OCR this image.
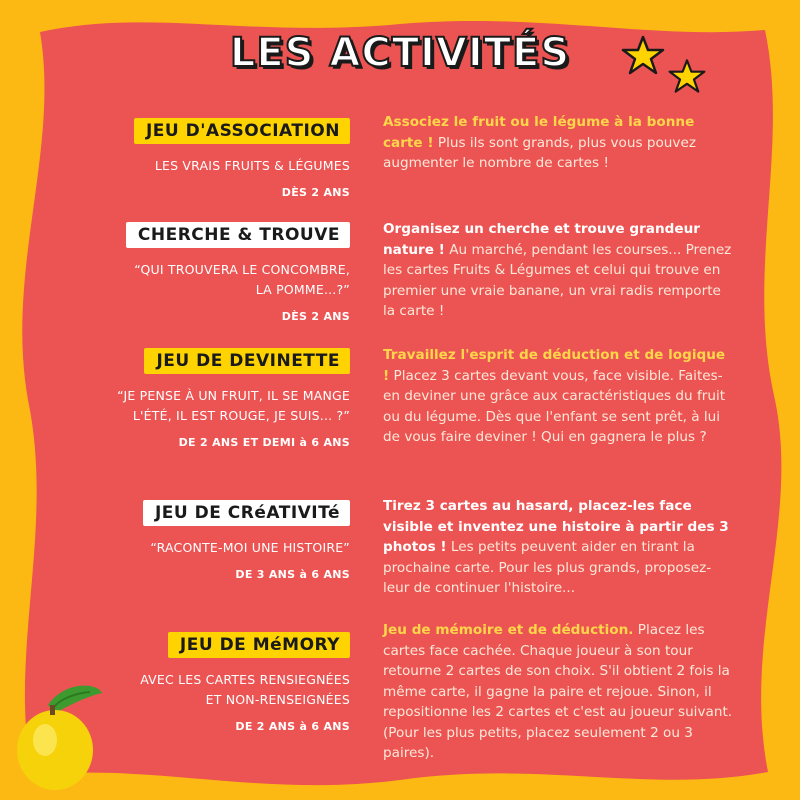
LES ACTIVITÉS
JEU D'ASSOCIATION
LES VRAIS FRUITS & LÉGUMES
DÈS 2 ANS
Associez le fruit ou le légume à la bonne carte ! Plus ils sont grands, plus vous pouvez augmenter le nombre de cartes !
CHERCHE & TROUVE
“QUI TROUVERA LE CONCOMBRE,
LA POMME...?”
DÈS 2 ANS
Organisez un cherche et trouve grandeur nature ! Au marché, pendant les courses... Prenez les cartes Fruits & Légumes et celui qui trouve en premier une vraie banane, un vrai radis remporte la carte !
JEU DE DEVINETTE
“JE PENSE À UN FRUIT, IL SE MANGE
L'ÉTÉ, IL EST ROUGE, JE SUIS... ?”
DE 2 ANS ET DEMI à 6 ANS
Travaillez l'esprit de déduction et de logique ! Placez 3 cartes devant vous, face visible. Faites-en deviner une grâce aux caractéristiques du fruit ou du légume. Dès que l'enfant se sent prêt, à lui de vous faire deviner ! Qui en gagnera le plus ?
JEU DE CRéATIVITé
“RACONTE-MOI UNE HISTOIRE”
DE 3 ANS à 6 ANS
Tirez 3 cartes au hasard, placez-les face visible et inventez une histoire à partir des 3 photos ! Les petits peuvent aider en tirant la prochaine carte. Pour les plus grands, proposez-leur de continuer l'histoire...
JEU DE MéMORY
AVEC LES CARTES RENSIEGNÉES
ET NON-RENSEIGNÉES
DE 2 ANS à 6 ANS
Jeu de mémoire et de déduction. Placez les cartes face cachée. Chaque joueur à son tour retourne 2 cartes de son choix. S'il obtient 2 fois la même carte, il gagne la paire et rejoue. Sinon, il repositionne les 2 cartes et c'est au joueur suivant. (Pour les plus petits, placez seulement 2 ou 3 paires).
